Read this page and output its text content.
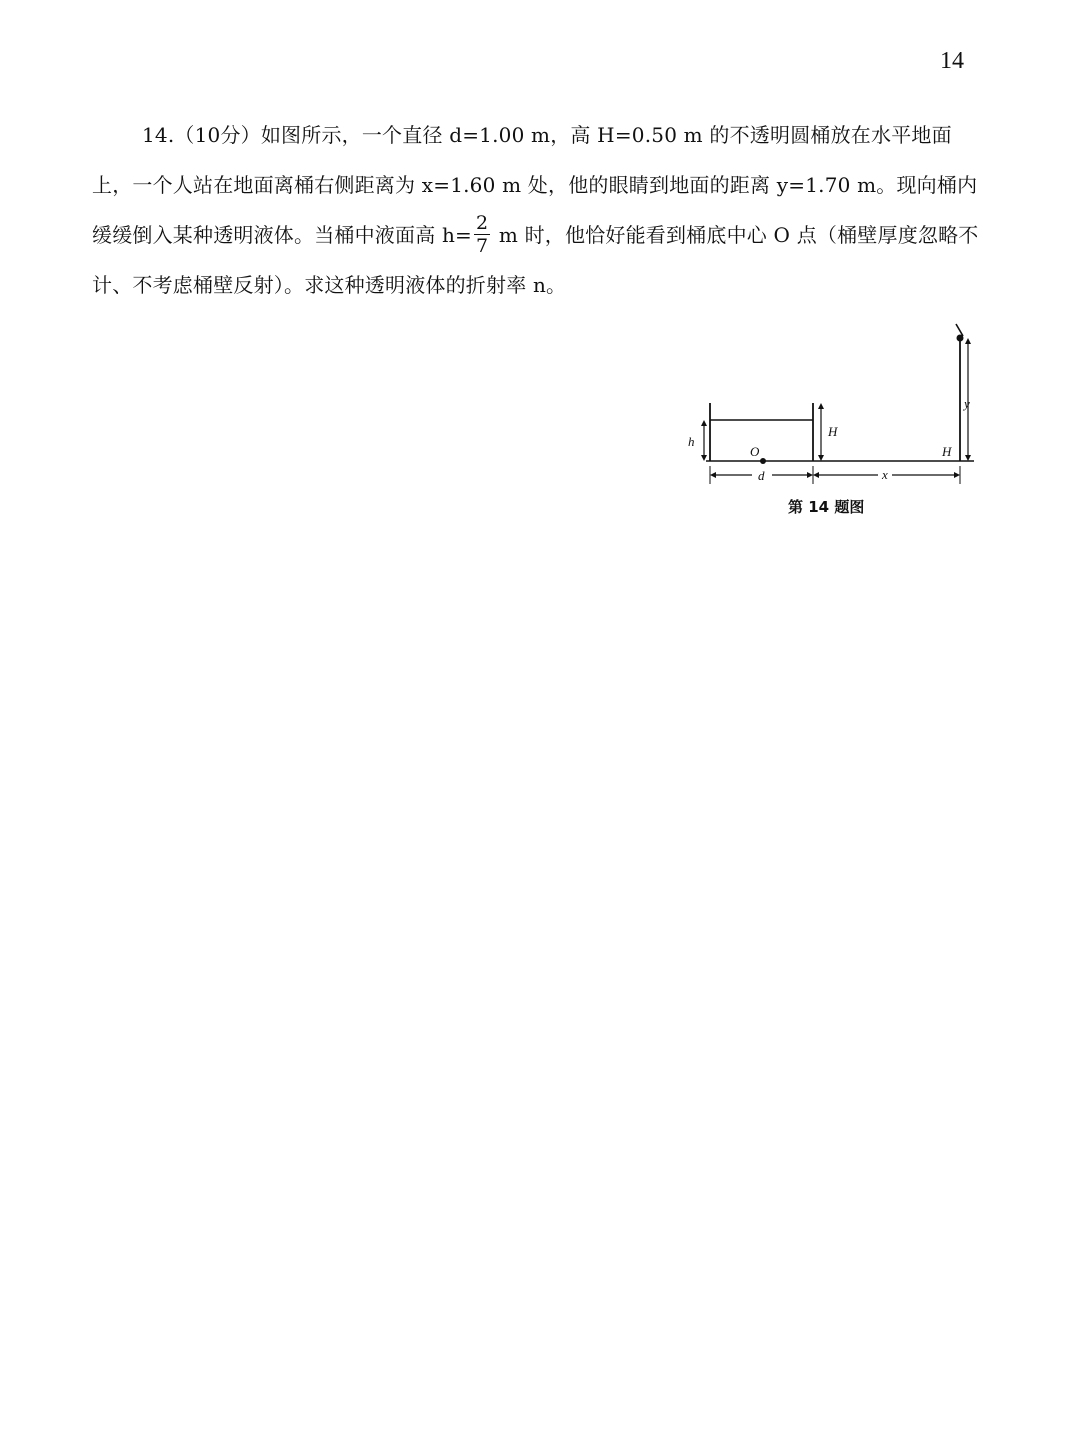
14
14.（10分）如图所示，一个直径 d=1.00 m，高 H=0.50 m 的不透明圆桶放在水平地面上，一个人站在地面离桶右侧距离为 x=1.60 m 处，他的眼睛到地面的距离 y=1.70 m。现向桶内缓缓倒入某种透明液体。当桶中液面高 $h= \frac{2}{7}$ m 时，他恰好能看到桶底中心 O 点（桶壁厚度忽略不计、不考虑桶壁反射）。求这种透明液体的折射率 n。
O
h
H
d	x
y
H
第 14 题图
